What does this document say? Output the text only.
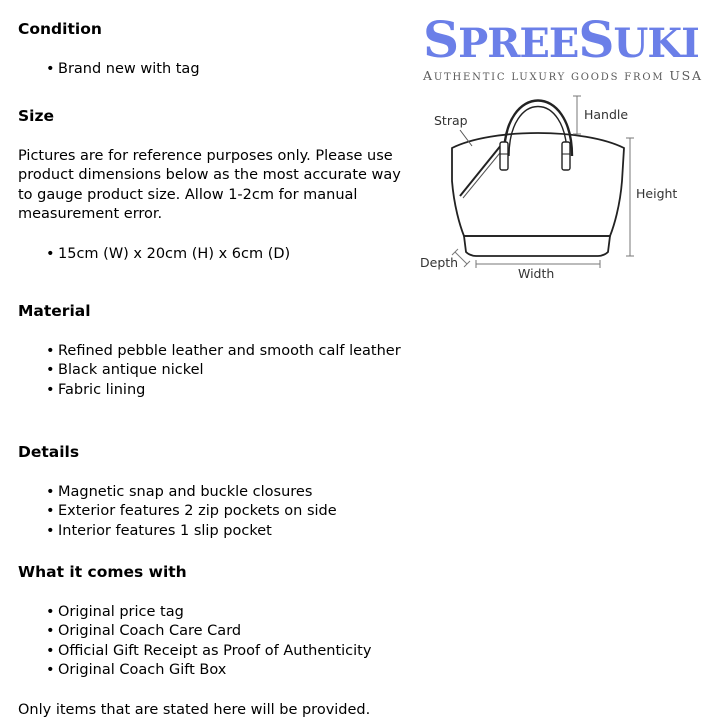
SPREESUKI
AUTHENTIC LUXURY GOODS FROM USA
Strap	Handle
Height
Depth
Width
Condition
• Brand new with tag
Size

Pictures are for reference purposes only. Please use product dimensions below as the most accurate way to gauge product size. Allow 1-2cm for manual measurement error.

• 15cm (W) x 20cm (H) x 6cm (D)
Material
• Refined pebble leather and smooth calf leather
• Black antique nickel
• Fabric lining
Details
• Magnetic snap and buckle closures
• Exterior features 2 zip pockets on side
• Interior features 1 slip pocket
What it comes with
• Original price tag
• Original Coach Care Card
• Official Gift Receipt as Proof of Authenticity
• Original Coach Gift Box

Only items that are stated here will be provided.
